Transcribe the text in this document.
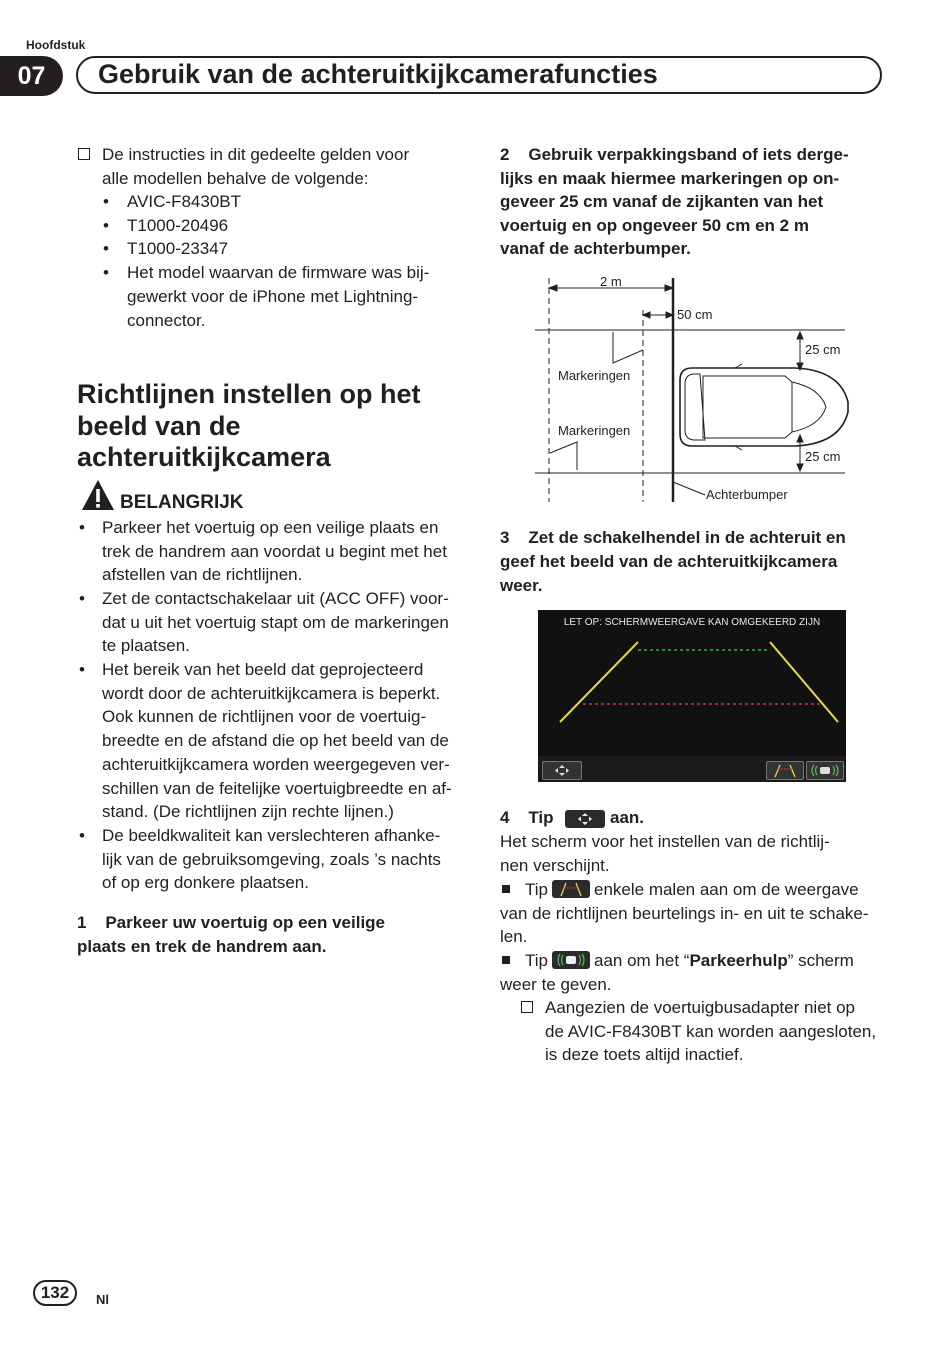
Hoofdstuk
07	Gebruik van de achteruitkijkcamerafuncties
De instructies in dit gedeelte gelden voor
alle modellen behalve de volgende:
• AVIC-F8430BT
• T1000-20496
• T1000-23347
• Het model waarvan de firmware was bij-
gewerkt voor de iPhone met Lightning-
connector.
Richtlijnen instellen op het
beeld van de
achteruitkijkcamera
BELANGRIJK
• Parkeer het voertuig op een veilige plaats en
trek de handrem aan voordat u begint met het
afstellen van de richtlijnen.
• Zet de contactschakelaar uit (ACC OFF) voor-
dat u uit het voertuig stapt om de markeringen
te plaatsen.
• Het bereik van het beeld dat geprojecteerd
wordt door de achteruitkijkcamera is beperkt.
Ook kunnen de richtlijnen voor de voertuig-
breedte en de afstand die op het beeld van de
achteruitkijkcamera worden weergegeven ver-
schillen van de feitelijke voertuigbreedte en af-
stand. (De richtlijnen zijn rechte lijnen.)
• De beeldkwaliteit kan verslechteren afhanke-
lijk van de gebruiksomgeving, zoals ’s nachts
of op erg donkere plaatsen.
1    Parkeer uw voertuig op een veilige
plaats en trek de handrem aan.
2    Gebruik verpakkingsband of iets derge-
lijks en maak hiermee markeringen op on-
geveer 25 cm vanaf de zijkanten van het
voertuig en op ongeveer 50 cm en 2 m
vanaf de achterbumper.
2 m
50 cm
25 cm
25 cm
Markeringen
Markeringen
Achterbumper
3    Zet de schakelhendel in de achteruit en
geef het beeld van de achteruitkijkcamera
weer.
LET OP: SCHERMWEERGAVE KAN OMGEKEERD ZIJN
4    Tip	aan.
Het scherm voor het instellen van de richtlij-
nen verschijnt.
Tip	enkele malen aan om de weergave
van de richtlijnen beurtelings in- en uit te schake-
len.
Tip	aan om het “Parkeerhulp” scherm
weer te geven.
Aangezien de voertuigbusadapter niet op
de AVIC-F8430BT kan worden aangesloten,
is deze toets altijd inactief.
132	Nl
